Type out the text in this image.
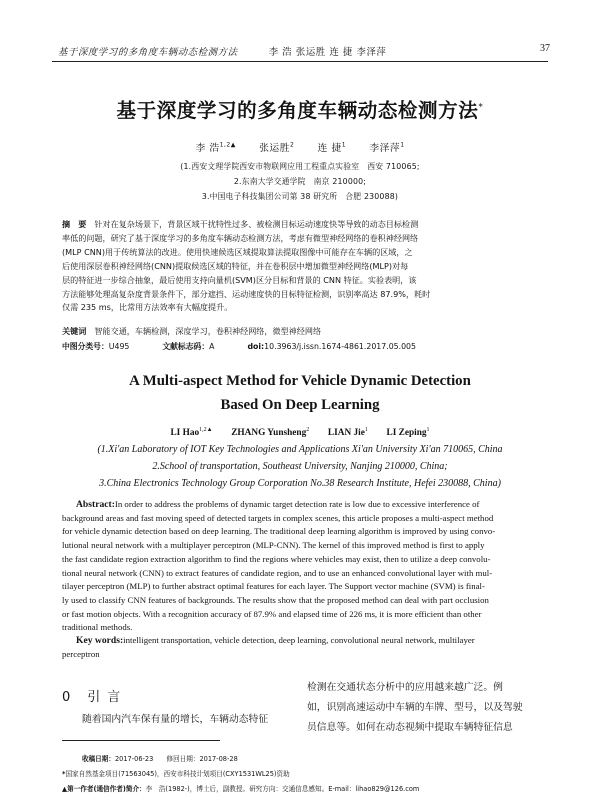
基于深度学习的多角度车辆动态检测方法	李 浩 张运胜 连 捷 李泽萍	37
基于深度学习的多角度车辆动态检测方法*
李 浩$^{1,2▲}$ 张运胜$^2$ 连 捷$^1$ 李泽萍$^1$
(1.西安文理学院西安市物联网应用工程重点实验室　西安 710065;
2.东南大学交通学院　南京 210000;
3.中国电子科技集团公司第 38 研究所　合肥 230088)
摘　要　 针对在复杂场景下，背景区域干扰特性过多、被检测目标运动速度快等导致的动态目标检测
率低的问题，研究了基于深度学习的多角度车辆动态检测方法，考虑有微型神经网络的卷积神经网络
(MLP CNN)用于传统算法的改进。使用快速候选区域提取算法提取图像中可能存在车辆的区域，之
后使用深层卷积神经网络(CNN)提取候选区域的特征，并在卷积层中增加微型神经网络(MLP)对每
层的特征进一步综合抽象，最后使用支持向量机(SVM)区分目标和背景的 CNN 特征。实验表明，该
方法能够处理高复杂度背景条件下，部分遮挡、运动速度快的目标特征检测，识别率高达 87.9%，耗时
仅需 235 ms，比常用方法效率有大幅度提升。
关键词　 智能交通，车辆检测，深度学习，卷积神经网络，微型神经网络
中图分类号：U495	文献标志码：A	doi:10.3963/j.issn.1674-4861.2017.05.005
A Multi-aspect Method for Vehicle Dynamic Detection
Based On Deep Learning
LI Hao$^{1,2▲}$ ZHANG Yunsheng$^2$ LIAN Jie$^1$ LI Zeping$^1$
(1.Xi'an Laboratory of IOT Key Technologies and Applications Xi'an University Xi'an 710065, China
2.School of transportation, Southeast University, Nanjing 210000, China;
3.China Electronics Technology Group Corporation No.38 Research Institute, Hefei 230088, China)
Abstract:In order to address the problems of dynamic target detection rate is low due to excessive interference of
background areas and fast moving speed of detected targets in complex scenes, this article proposes a multi-aspect method
for vehicle dynamic detection based on deep learning. The traditional deep learning algorithm is improved by using convo-
lutional neural network with a multiplayer perceptron (MLP-CNN). The kernel of this improved method is first to apply
the fast candidate region extraction algorithm to find the regions where vehicles may exist, then to utilize a deep convolu-
tional neural network (CNN) to extract features of candidate region, and to use an enhanced convolutional layer with mul-
tilayer perceptron (MLP) to further abstract optimal features for each layer. The Support vector machine (SVM) is final-
ly used to classify CNN features of backgrounds. The results show that the proposed method can deal with part occlusion
or fast motion objects. With a recognition accuracy of 87.9% and elapsed time of 226 ms, it is more efficient than other
traditional methods.
Key words:intelligent transportation, vehicle detection, deep learning, convolutional neural network, multilayer
perceptron
0 引言
随着国内汽车保有量的增长，车辆动态特征
检测在交通状态分析中的应用越来越广泛。例
如，识别高速运动中车辆的车牌、型号，以及驾驶
员信息等。如何在动态视频中提取车辆特征信息
收稿日期：2017-06-23　　修回日期：2017-08-28
*国家自然基金项目(71563045)，西安市科技计划项目(CXY1531WL25)资助
▲第一作者(通信作者)简介：李　浩(1982-)，博士后，副教授。研究方向：交通信息感知。E-mail：lihao829@126.com
